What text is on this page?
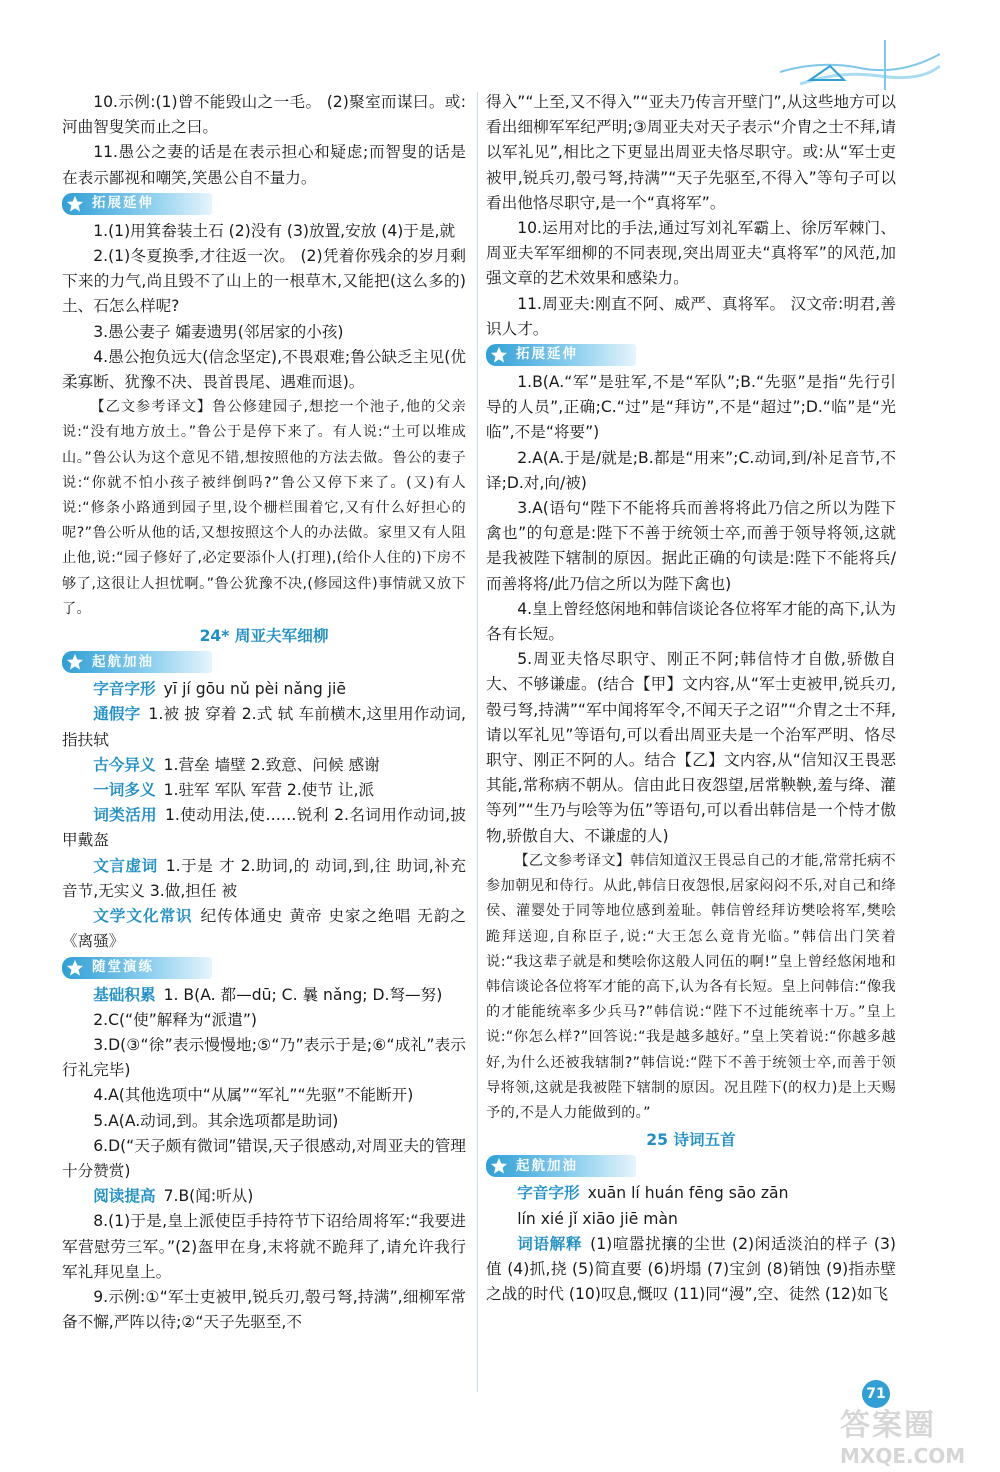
10.示例:(1)曾不能毁山之一毛。 (2)聚室而谋曰。或:河曲智叟笑而止之曰。

11.愚公之妻的话是在表示担心和疑虑;而智叟的话是在表示鄙视和嘲笑,笑愚公自不量力。

拓展延伸

1.(1)用箕畚装土石 (2)没有 (3)放置,安放 (4)于是,就

2.(1)冬夏换季,才往返一次。 (2)凭着你残余的岁月剩下来的力气,尚且毁不了山上的一根草木,又能把(这么多的)土、石怎么样呢?

3.愚公妻子 孀妻遗男(邻居家的小孩)

4.愚公抱负远大(信念坚定),不畏艰难;鲁公缺乏主见(优柔寡断、犹豫不决、畏首畏尾、遇难而退)。

【乙文参考译文】鲁公修建园子,想挖一个池子,他的父亲说:“没有地方放土。”鲁公于是停下来了。有人说:“土可以堆成山。”鲁公认为这个意见不错,想按照他的方法去做。鲁公的妻子说:“你就不怕小孩子被绊倒吗?”鲁公又停下来了。(又)有人说:“修条小路通到园子里,设个栅栏围着它,又有什么好担心的呢?”鲁公听从他的话,又想按照这个人的办法做。家里又有人阻止他,说:“园子修好了,必定要添仆人(打理),(给仆人住的)下房不够了,这很让人担忧啊。”鲁公犹豫不决,(修园这件)事情就又放下了。

24* 周亚夫军细柳

起航加油

字音字形 yī jí gōu nǔ pèi nǎng jiē

通假字 1.被 披 穿着 2.式 轼 车前横木,这里用作动词,指扶轼

古今异义 1.营垒 墙壁 2.致意、问候 感谢

一词多义 1.驻军 军队 军营 2.使节 让,派

词类活用 1.使动用法,使……锐利 2.名词用作动词,披甲戴盔

文言虚词 1.于是 才 2.助词,的 动词,到,往 助词,补充音节,无实义 3.做,担任 被

文学文化常识 纪传体通史 黄帝 史家之绝唱 无韵之《离骚》

随堂演练

基础积累 1. B(A. 都—dū; C. 曩 nǎng; D.弩—努)

2.C(“使”解释为“派遣”)

3.D(③“徐”表示慢慢地;⑤“乃”表示于是;⑥“成礼”表示行礼完毕)

4.A(其他选项中“从属”“军礼”“先驱”不能断开)

5.A(A.动词,到。其余选项都是助词)

6.D(“天子颇有微词”错误,天子很感动,对周亚夫的管理十分赞赏)

阅读提高 7.B(闻:听从)

8.(1)于是,皇上派使臣手持符节下诏给周将军:“我要进军营慰劳三军。”(2)盔甲在身,末将就不跪拜了,请允许我行军礼拜见皇上。

9.示例:①“军士吏被甲,锐兵刃,彀弓弩,持满”,细柳军常备不懈,严阵以待;②“天子先驱至,不

得入”“上至,又不得入”“亚夫乃传言开壁门”,从这些地方可以看出细柳军军纪严明;③周亚夫对天子表示“介胄之士不拜,请以军礼见”,相比之下更显出周亚夫恪尽职守。或:从“军士吏被甲,锐兵刃,彀弓弩,持满”“天子先驱至,不得入”等句子可以看出他恪尽职守,是一个“真将军”。

10.运用对比的手法,通过写刘礼军霸上、徐厉军棘门、周亚夫军军细柳的不同表现,突出周亚夫“真将军”的风范,加强文章的艺术效果和感染力。

11.周亚夫:刚直不阿、威严、真将军。 汉文帝:明君,善识人才。

拓展延伸

1.B(A.“军”是驻军,不是“军队”;B.“先驱”是指“先行引导的人员”,正确;C.“过”是“拜访”,不是“超过”;D.“临”是“光临”,不是“将要”)

2.A(A.于是/就是;B.都是“用来”;C.动词,到/补足音节,不译;D.对,向/被)

3.A(语句“陛下不能将兵而善将将此乃信之所以为陛下禽也”的句意是:陛下不善于统领士卒,而善于领导将领,这就是我被陛下辖制的原因。据此正确的句读是:陛下不能将兵/而善将将/此乃信之所以为陛下禽也)

4.皇上曾经悠闲地和韩信谈论各位将军才能的高下,认为各有长短。

5.周亚夫恪尽职守、刚正不阿;韩信恃才自傲,骄傲自大、不够谦虚。(结合【甲】文内容,从“军士吏被甲,锐兵刃,彀弓弩,持满”“军中闻将军令,不闻天子之诏”“介胄之士不拜,请以军礼见”等语句,可以看出周亚夫是一个治军严明、恪尽职守、刚正不阿的人。结合【乙】文内容,从“信知汉王畏恶其能,常称病不朝从。信由此日夜怨望,居常鞅鞅,羞与绛、灌等列”“生乃与哙等为伍”等语句,可以看出韩信是一个恃才傲物,骄傲自大、不谦虚的人)

【乙文参考译文】韩信知道汉王畏忌自己的才能,常常托病不参加朝见和侍行。从此,韩信日夜怨恨,居家闷闷不乐,对自己和绛侯、灌婴处于同等地位感到羞耻。韩信曾经拜访樊哙将军,樊哙跪拜送迎,自称臣子,说:“大王怎么竟肯光临。”韩信出门笑着说:“我这辈子就是和樊哙你这般人同伍的啊!”皇上曾经悠闲地和韩信谈论各位将军才能的高下,认为各有长短。皇上问韩信:“像我的才能能统率多少兵马?”韩信说:“陛下不过能统率十万。”皇上说:“你怎么样?”回答说:“我是越多越好。”皇上笑着说:“你越多越好,为什么还被我辖制?”韩信说:“陛下不善于统领士卒,而善于领导将领,这就是我被陛下辖制的原因。况且陛下(的权力)是上天赐予的,不是人力能做到的。”

25 诗词五首

起航加油

字音字形 xuān lí huán fēng sāo zān

lín xié jǐ xiāo jiē màn

词语解释 (1)喧嚣扰攘的尘世 (2)闲适淡泊的样子 (3)值 (4)抓,挠 (5)简直要 (6)坍塌 (7)宝剑 (8)销蚀 (9)指赤壁之战的时代 (10)叹息,慨叹 (11)同“漫”,空、徒然 (12)如飞

71
答案圈
MXQE.COM
